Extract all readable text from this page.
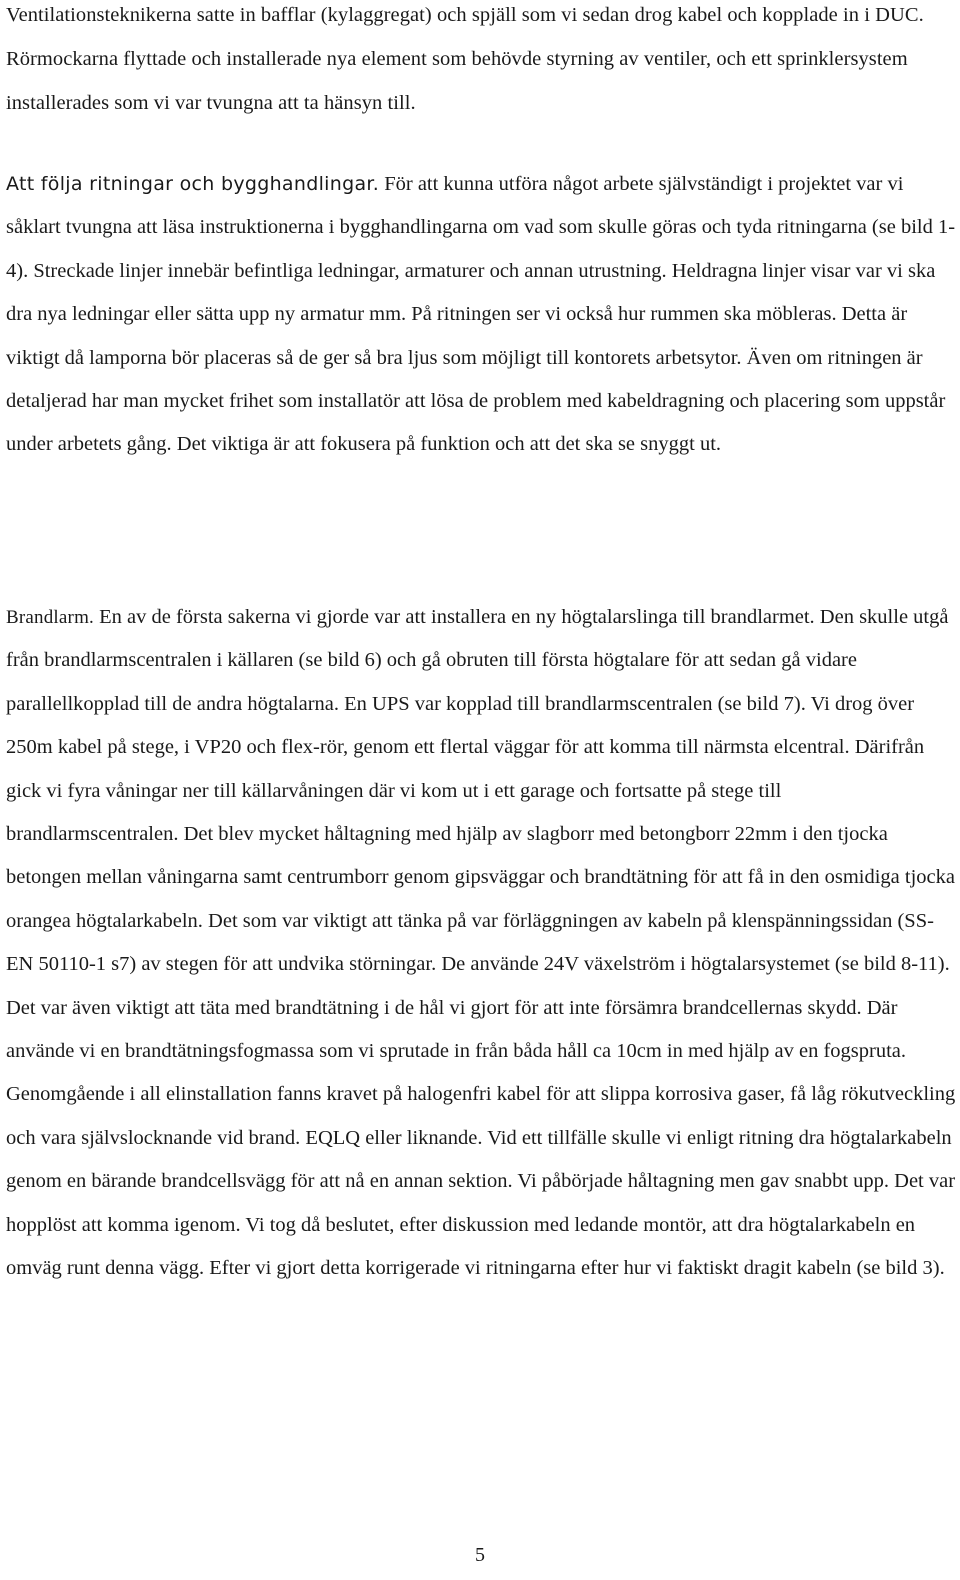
Ventilationsteknikerna satte in bafflar (kylaggregat) och spjäll som vi sedan drog kabel och kopplade in i DUC. Rörmockarna flyttade och installerade nya element som behövde styrning av ventiler, och ett sprinklersystem installerades som vi var tvungna att ta hänsyn till.

Att följa ritningar och bygghandlingar. För att kunna utföra något arbete självständigt i projektet var vi såklart tvungna att läsa instruktionerna i bygghandlingarna om vad som skulle göras och tyda ritningarna (se bild 1-4). Streckade linjer innebär befintliga ledningar, armaturer och annan utrustning. Heldragna linjer visar var vi ska dra nya ledningar eller sätta upp ny armatur mm. På ritningen ser vi också hur rummen ska möbleras. Detta är viktigt då lamporna bör placeras så de ger så bra ljus som möjligt till kontorets arbetsytor. Även om ritningen är detaljerad har man mycket frihet som installatör att lösa de problem med kabeldragning och placering som uppstår under arbetets gång. Det viktiga är att fokusera på funktion och att det ska se snyggt ut.

Brandlarm. En av de första sakerna vi gjorde var att installera en ny högtalarslinga till brandlarmet. Den skulle utgå från brandlarmscentralen i källaren (se bild 6) och gå obruten till första högtalare för att sedan gå vidare parallellkopplad till de andra högtalarna. En UPS var kopplad till brandlarmscentralen (se bild 7). Vi drog över 250m kabel på stege, i VP20 och flex-rör, genom ett flertal väggar för att komma till närmsta elcentral. Därifrån gick vi fyra våningar ner till källarvåningen där vi kom ut i ett garage och fortsatte på stege till brandlarmscentralen. Det blev mycket håltagning med hjälp av slagborr med betongborr 22mm i den tjocka betongen mellan våningarna samt centrumborr genom gipsväggar och brandtätning för att få in den osmidiga tjocka orangea högtalarkabeln. Det som var viktigt att tänka på var förläggningen av kabeln på klenspänningssidan (SS-EN 50110-1 s7) av stegen för att undvika störningar. De använde 24V växelström i högtalarsystemet (se bild 8-11). Det var även viktigt att täta med brandtätning i de hål vi gjort för att inte försämra brandcellernas skydd. Där använde vi en brandtätningsfogmassa som vi sprutade in från båda håll ca 10cm in med hjälp av en fogspruta. Genomgående i all elinstallation fanns kravet på halogenfri kabel för att slippa korrosiva gaser, få låg rökutveckling och vara självslocknande vid brand. EQLQ eller liknande. Vid ett tillfälle skulle vi enligt ritning dra högtalarkabeln genom en bärande brandcellsvägg för att nå en annan sektion. Vi påbörjade håltagning men gav snabbt upp. Det var hopplöst att komma igenom. Vi tog då beslutet, efter diskussion med ledande montör, att dra högtalarkabeln en omväg runt denna vägg. Efter vi gjort detta korrigerade vi ritningarna efter hur vi faktiskt dragit kabeln (se bild 3).

5
